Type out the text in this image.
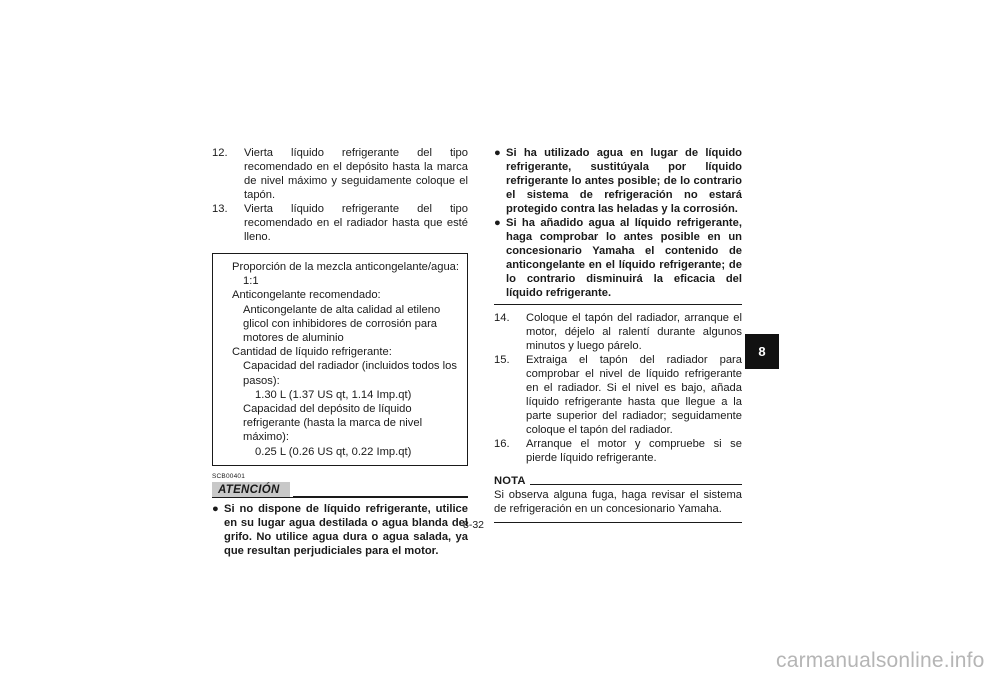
12. Vierta líquido refrigerante del tipo recomendado en el depósito hasta la marca de nivel máximo y seguidamente coloque el tapón.
13. Vierta líquido refrigerante del tipo recomendado en el radiador hasta que esté lleno.
Proporción de la mezcla anticongelante/agua:
1:1
Anticongelante recomendado:
Anticongelante de alta calidad al etileno glicol con inhibidores de corrosión para motores de aluminio
Cantidad de líquido refrigerante:
Capacidad del radiador (incluidos todos los pasos):
1.30 L (1.37 US qt, 1.14 Imp.qt)
Capacidad del depósito de líquido refrigerante (hasta la marca de nivel máximo):
0.25 L (0.26 US qt, 0.22 Imp.qt)
SCB00401
ATENCIÓN
● Si no dispone de líquido refrigerante, utilice en su lugar agua destilada o agua blanda del grifo. No utilice agua dura o agua salada, ya que resultan perjudiciales para el motor.
● Si ha utilizado agua en lugar de líquido refrigerante, sustitúyala por líquido refrigerante lo antes posible; de lo contrario el sistema de refrigeración no estará protegido contra las heladas y la corrosión.
● Si ha añadido agua al líquido refrigerante, haga comprobar lo antes posible en un concesionario Yamaha el contenido de anticongelante en el líquido refrigerante; de lo contrario disminuirá la eficacia del líquido refrigerante.
14. Coloque el tapón del radiador, arranque el motor, déjelo al ralentí durante algunos minutos y luego párelo.
15. Extraiga el tapón del radiador para comprobar el nivel de líquido refrigerante en el radiador. Si el nivel es bajo, añada líquido refrigerante hasta que llegue a la parte superior del radiador; seguidamente coloque el tapón del radiador.
16. Arranque el motor y compruebe si se pierde líquido refrigerante.
NOTA
Si observa alguna fuga, haga revisar el sistema de refrigeración en un concesionario Yamaha.
8
8-32
carmanualsonline.info
